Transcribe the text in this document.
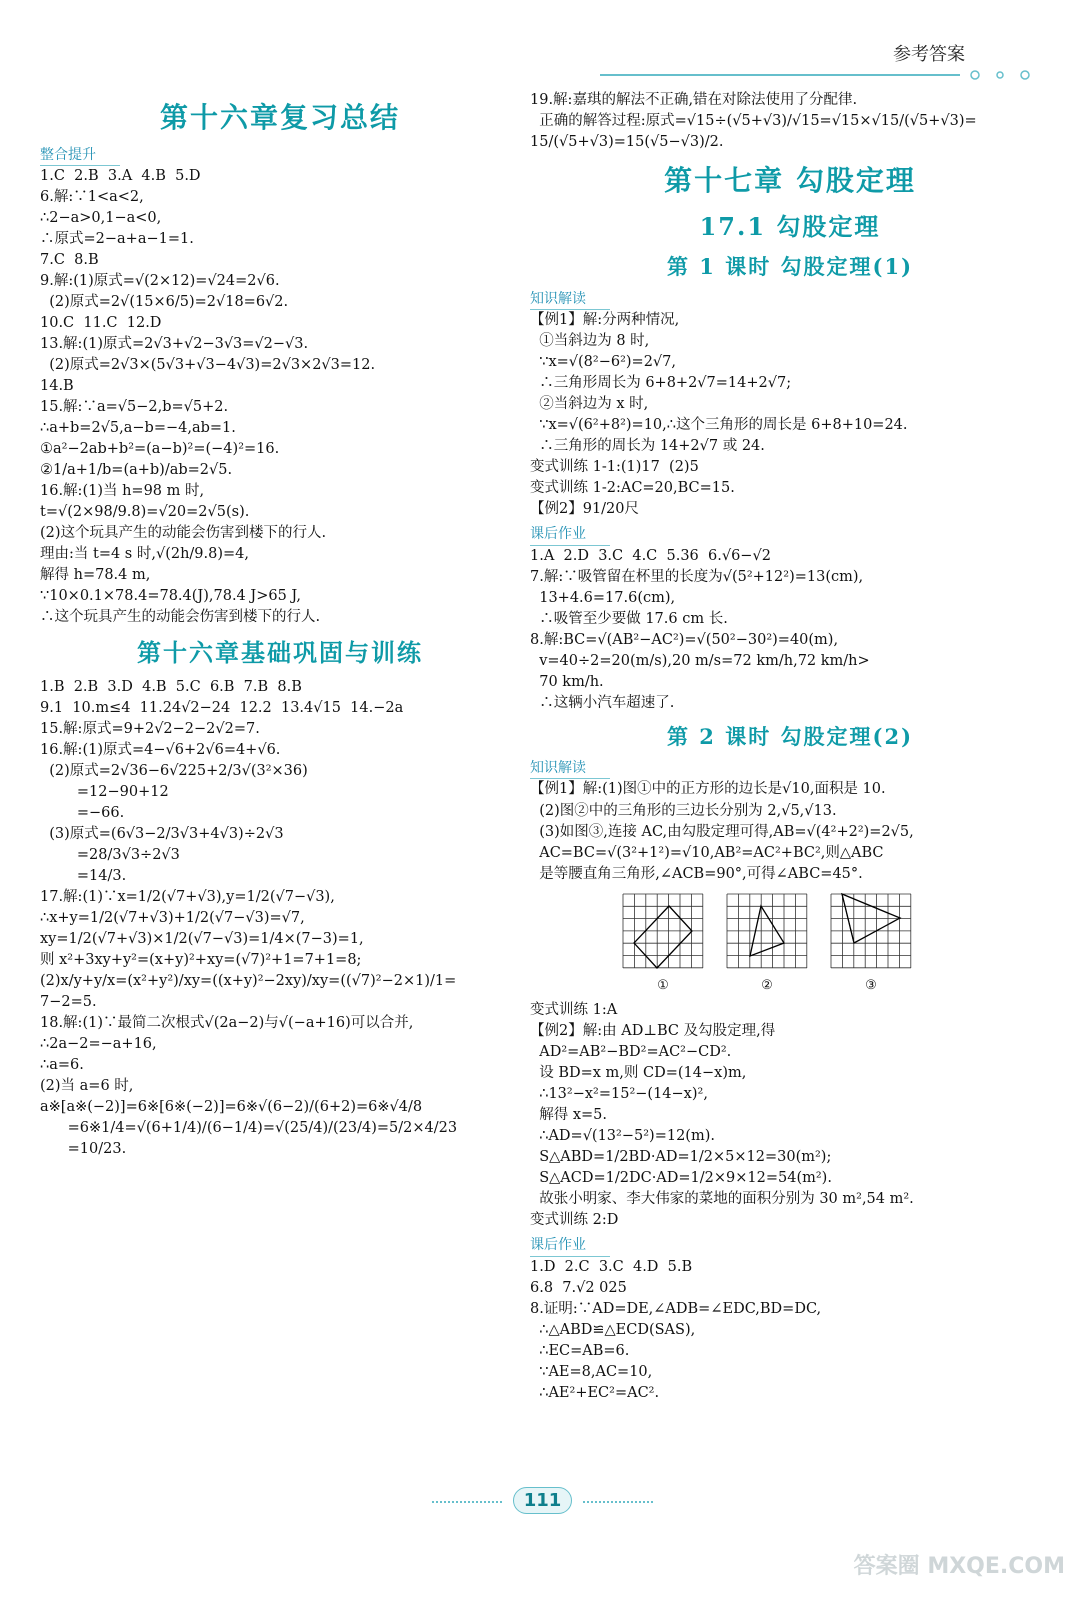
参考答案
第十六章复习总结
整合提升

1.C  2.B  3.A  4.B  5.D

6.解:∵1<a<2,

∴2−a>0,1−a<0,

∴原式=2−a+a−1=1.

7.C  8.B

9.解:(1)原式=√(2×12)=√24=2√6.

(2)原式=2√(15×6/5)=2√18=6√2.

10.C  11.C  12.D

13.解:(1)原式=2√3+√2−3√3=√2−√3.

(2)原式=2√3×(5√3+√3−4√3)=2√3×2√3=12.

14.B

15.解:∵a=√5−2,b=√5+2.

∴a+b=2√5,a−b=−4,ab=1.

①a²−2ab+b²=(a−b)²=(−4)²=16.

②1/a+1/b=(a+b)/ab=2√5.

16.解:(1)当 h=98 m 时,

t=√(2×98/9.8)=√20=2√5(s).

(2)这个玩具产生的动能会伤害到楼下的行人.

理由:当 t=4 s 时,√(2h/9.8)=4,

解得 h=78.4 m,

∵10×0.1×78.4=78.4(J),78.4 J>65 J,

∴这个玩具产生的动能会伤害到楼下的行人.

第十六章基础巩固与训练

1.B  2.B  3.D  4.B  5.C  6.B  7.B  8.B

9.1  10.m≤4  11.24√2−24  12.2  13.4√15  14.−2a

15.解:原式=9+2√2−2−2√2=7.

16.解:(1)原式=4−√6+2√6=4+√6.

(2)原式=2√36−6√225+2/3√(3²×36)

=12−90+12

=−66.

(3)原式=(6√3−2/3√3+4√3)÷2√3

=28/3√3÷2√3

=14/3.

17.解:(1)∵x=1/2(√7+√3),y=1/2(√7−√3),

∴x+y=1/2(√7+√3)+1/2(√7−√3)=√7,

xy=1/2(√7+√3)×1/2(√7−√3)=1/4×(7−3)=1,

则 x²+3xy+y²=(x+y)²+xy=(√7)²+1=7+1=8;

(2)x/y+y/x=(x²+y²)/xy=((x+y)²−2xy)/xy=((√7)²−2×1)/1=

7−2=5.

18.解:(1)∵最简二次根式√(2a−2)与√(−a+16)可以合并,

∴2a−2=−a+16,

∴a=6.

(2)当 a=6 时,

a※[a※(−2)]=6※[6※(−2)]=6※√(6−2)/(6+2)=6※√4/8

=6※1/4=√(6+1/4)/(6−1/4)=√(25/4)/(23/4)=5/2×4/23

=10/23.

19.解:嘉琪的解法不正确,错在对除法使用了分配律.

正确的解答过程:原式=√15÷(√5+√3)/√15=√15×√15/(√5+√3)=

15/(√5+√3)=15(√5−√3)/2.

第十七章 勾股定理
17.1 勾股定理
第 1 课时 勾股定理(1)
知识解读

【例1】解:分两种情况,

①当斜边为 8 时,

∵x=√(8²−6²)=2√7,

∴三角形周长为 6+8+2√7=14+2√7;

②当斜边为 x 时,

∵x=√(6²+8²)=10,∴这个三角形的周长是 6+8+10=24.

∴三角形的周长为 14+2√7 或 24.

变式训练 1-1:(1)17  (2)5

变式训练 1-2:AC=20,BC=15.

【例2】91/20尺

课后作业

1.A  2.D  3.C  4.C  5.36  6.√6−√2

7.解:∵吸管留在杯里的长度为√(5²+12²)=13(cm),

13+4.6=17.6(cm),

∴吸管至少要做 17.6 cm 长.

8.解:BC=√(AB²−AC²)=√(50²−30²)=40(m),

v=40÷2=20(m/s),20 m/s=72 km/h,72 km/h>

70 km/h.

∴这辆小汽车超速了.

第 2 课时 勾股定理(2)
知识解读

【例1】解:(1)图①中的正方形的边长是√10,面积是 10.

(2)图②中的三角形的三边长分别为 2,√5,√13.

(3)如图③,连接 AC,由勾股定理可得,AB=√(4²+2²)=2√5,

AC=BC=√(3²+1²)=√10,AB²=AC²+BC²,则△ABC

是等腰直角三角形,∠ACB=90°,可得∠ABC=45°.

①	②	③

变式训练 1:A

【例2】解:由 AD⊥BC 及勾股定理,得

AD²=AB²−BD²=AC²−CD².

设 BD=x m,则 CD=(14−x)m,

∴13²−x²=15²−(14−x)²,

解得 x=5.

∴AD=√(13²−5²)=12(m).

S△ABD=1/2BD·AD=1/2×5×12=30(m²);

S△ACD=1/2DC·AD=1/2×9×12=54(m²).

故张小明家、李大伟家的菜地的面积分别为 30 m²,54 m².

变式训练 2:D

课后作业

1.D  2.C  3.C  4.D  5.B

6.8  7.√2 025

8.证明:∵AD=DE,∠ADB=∠EDC,BD=DC,

∴△ABD≌△ECD(SAS),

∴EC=AB=6.

∵AE=8,AC=10,

∴AE²+EC²=AC².

111
答案圈 MXQE.COM
